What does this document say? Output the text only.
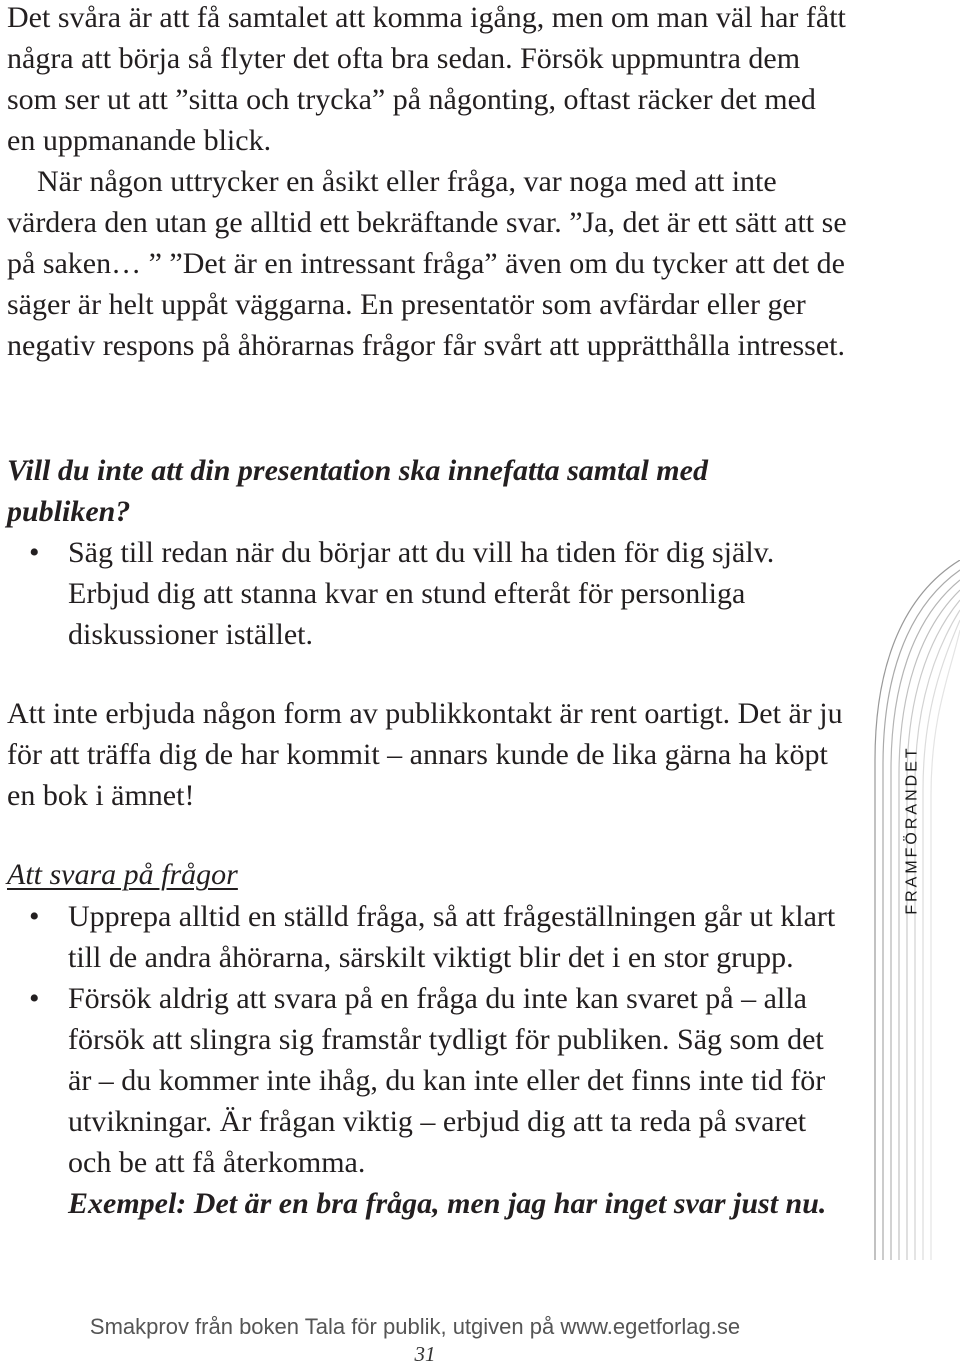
Det svåra är att få samtalet att komma igång, men om man väl har fått några att börja så flyter det ofta bra sedan. Försök uppmuntra dem som ser ut att ”sitta och trycka” på någonting, oftast räcker det med en uppmanande blick.

När någon uttrycker en åsikt eller fråga, var noga med att inte värdera den utan ge alltid ett bekräftande svar. ”Ja, det är ett sätt att se på saken… ” ”Det är en intressant fråga” även om du tycker att det de säger är helt uppåt väggarna. En presentatör som avfärdar eller ger negativ respons på åhörarnas frågor får svårt att upprätthålla intresset.

Vill du inte att din presentation ska innefatta samtal med publiken?

• Säg till redan när du börjar att du vill ha tiden för dig själv. Erbjud dig att stanna kvar en stund efteråt för personliga diskussioner istället.

Att inte erbjuda någon form av publikkontakt är rent oartigt. Det är ju för att träffa dig de har kommit – annars kunde de lika gärna ha köpt en bok i ämnet!

Att svara på frågor

• Upprepa alltid en ställd fråga, så att frågeställningen går ut klart till de andra åhörarna, särskilt viktigt blir det i en stor grupp.
• Försök aldrig att svara på en fråga du inte kan svaret på – alla försök att slingra sig framstår tydligt för publiken. Säg som det är – du kommer inte ihåg, du kan inte eller det finns inte tid för utvikningar. Är frågan viktig – erbjud dig att ta reda på svaret och be att få återkomma.
Exempel: Det är en bra fråga, men jag har inget svar just nu.
FRAMFÖRANDET
Smakprov från boken Tala för publik, utgiven på www.egetforlag.se
31
